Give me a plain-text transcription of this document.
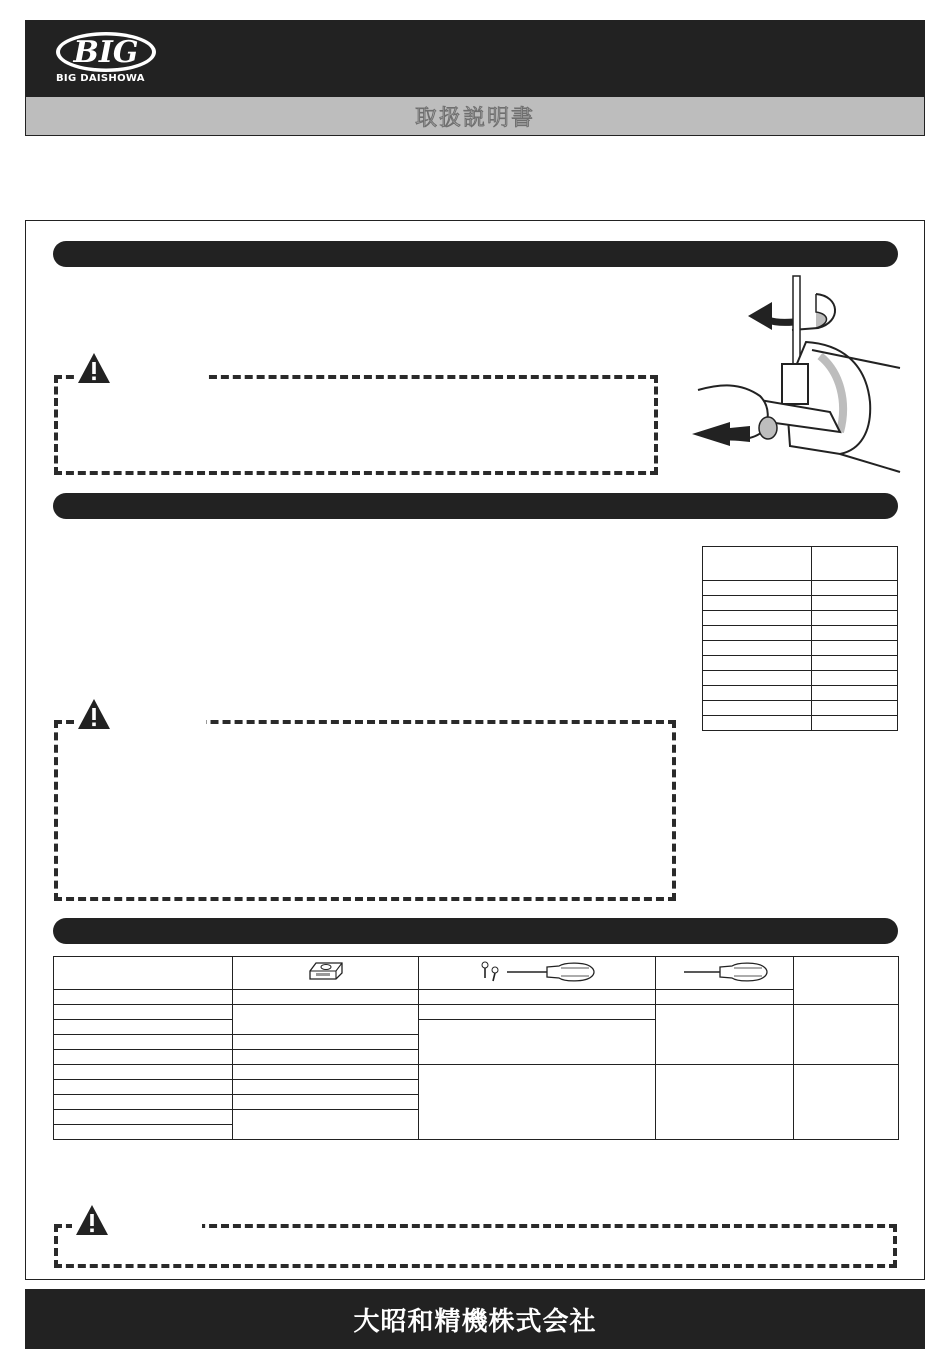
BIG
BIG DAISHOWA
取扱説明書

大昭和精機株式会社
